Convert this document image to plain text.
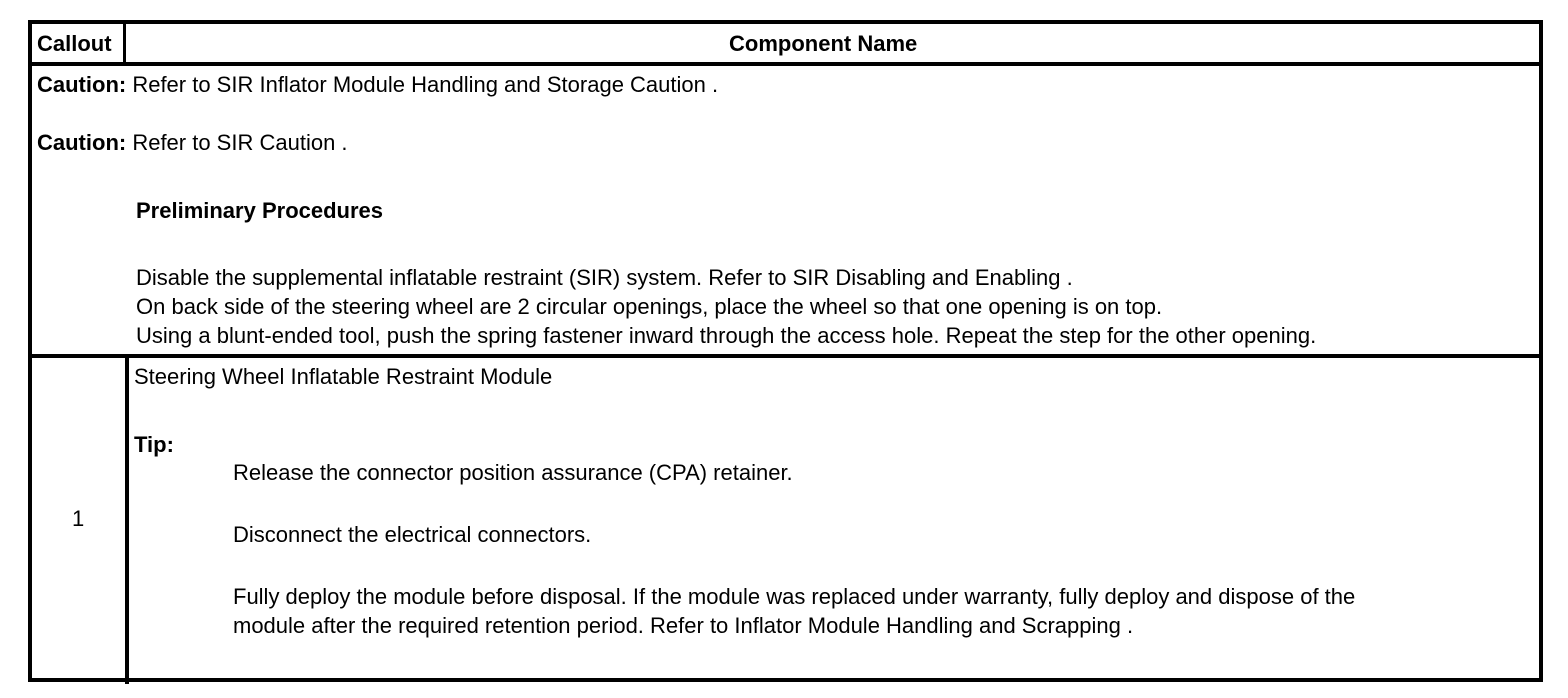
Callout	Component Name
Caution: Refer to SIR Inflator Module Handling and Storage Caution .
Caution: Refer to SIR Caution .
Preliminary Procedures
Disable the supplemental inflatable restraint (SIR) system. Refer to SIR Disabling and Enabling .
On back side of the steering wheel are 2 circular openings, place the wheel so that one opening is on top.
Using a blunt-ended tool, push the spring fastener inward through the access hole. Repeat the step for the other opening.
1
Steering Wheel Inflatable Restraint Module
Tip:
Release the connector position assurance (CPA) retainer.
Disconnect the electrical connectors.
Fully deploy the module before disposal. If the module was replaced under warranty, fully deploy and dispose of the
module after the required retention period. Refer to Inflator Module Handling and Scrapping .
